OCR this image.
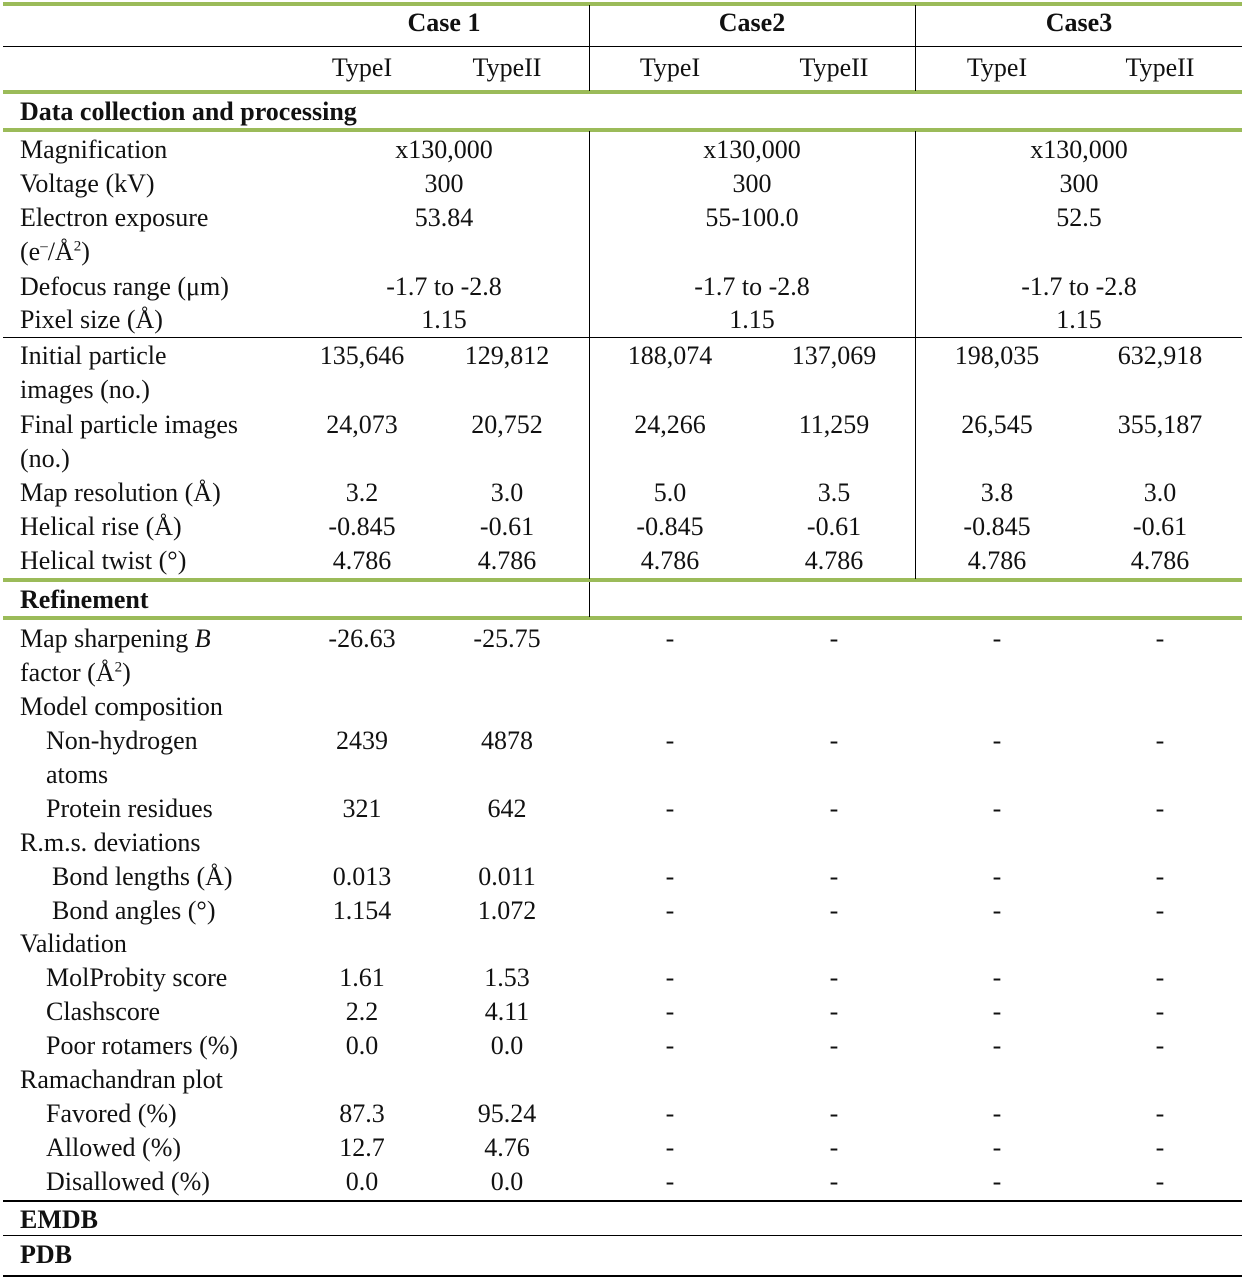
Case 1	Case2	Case3
TypeI	TypeII	TypeI	TypeII	TypeI	TypeII
Data collection and processing
Magnification	x130,000	x130,000	x130,000
Voltage (kV)	300	300	300
Electron exposure
$(e^-/Å^2)$
53.84	55-100.0	52.5
Defocus range (μm)	-1.7 to -2.8	-1.7 to -2.8	-1.7 to -2.8
Pixel size (Å)	1.15	1.15	1.15
Initial particle
images (no.)
135,646 129,812	188,074	137,069	198,035	632,918
Final particle images
(no.)
24,073	20,752	24,266	11,259	26,545	355,187
Map resolution (Å)	3.2	3.0	5.0	3.5	3.8	3.0
Helical rise (Å)	-0.845	-0.61	-0.845	-0.61	-0.845	-0.61
Helical twist (°)	4.786	4.786	4.786	4.786	4.786	4.786
Refinement
Map sharpening B
factor $(Å^2)$
-26.63	-25.75	-	-	-	-
Model composition
Non-hydrogen
atoms
2439	4878	-	-	-	-
Protein residues	321	642	-	-	-	-
R.m.s. deviations
Bond lengths (Å)	0.013	0.011	-	-	-	-
Bond angles (°)	1.154	1.072	-	-	-	-
Validation
MolProbity score	1.61	1.53	-	-	-	-
Clashscore	2.2	4.11	-	-	-	-
Poor rotamers (%)	0.0	0.0	-	-	-	-
Ramachandran plot
Favored (%)	87.3	95.24	-	-	-	-
Allowed (%)	12.7	4.76	-	-	-	-
Disallowed (%)	0.0	0.0	-	-	-	-
EMDB
PDB
